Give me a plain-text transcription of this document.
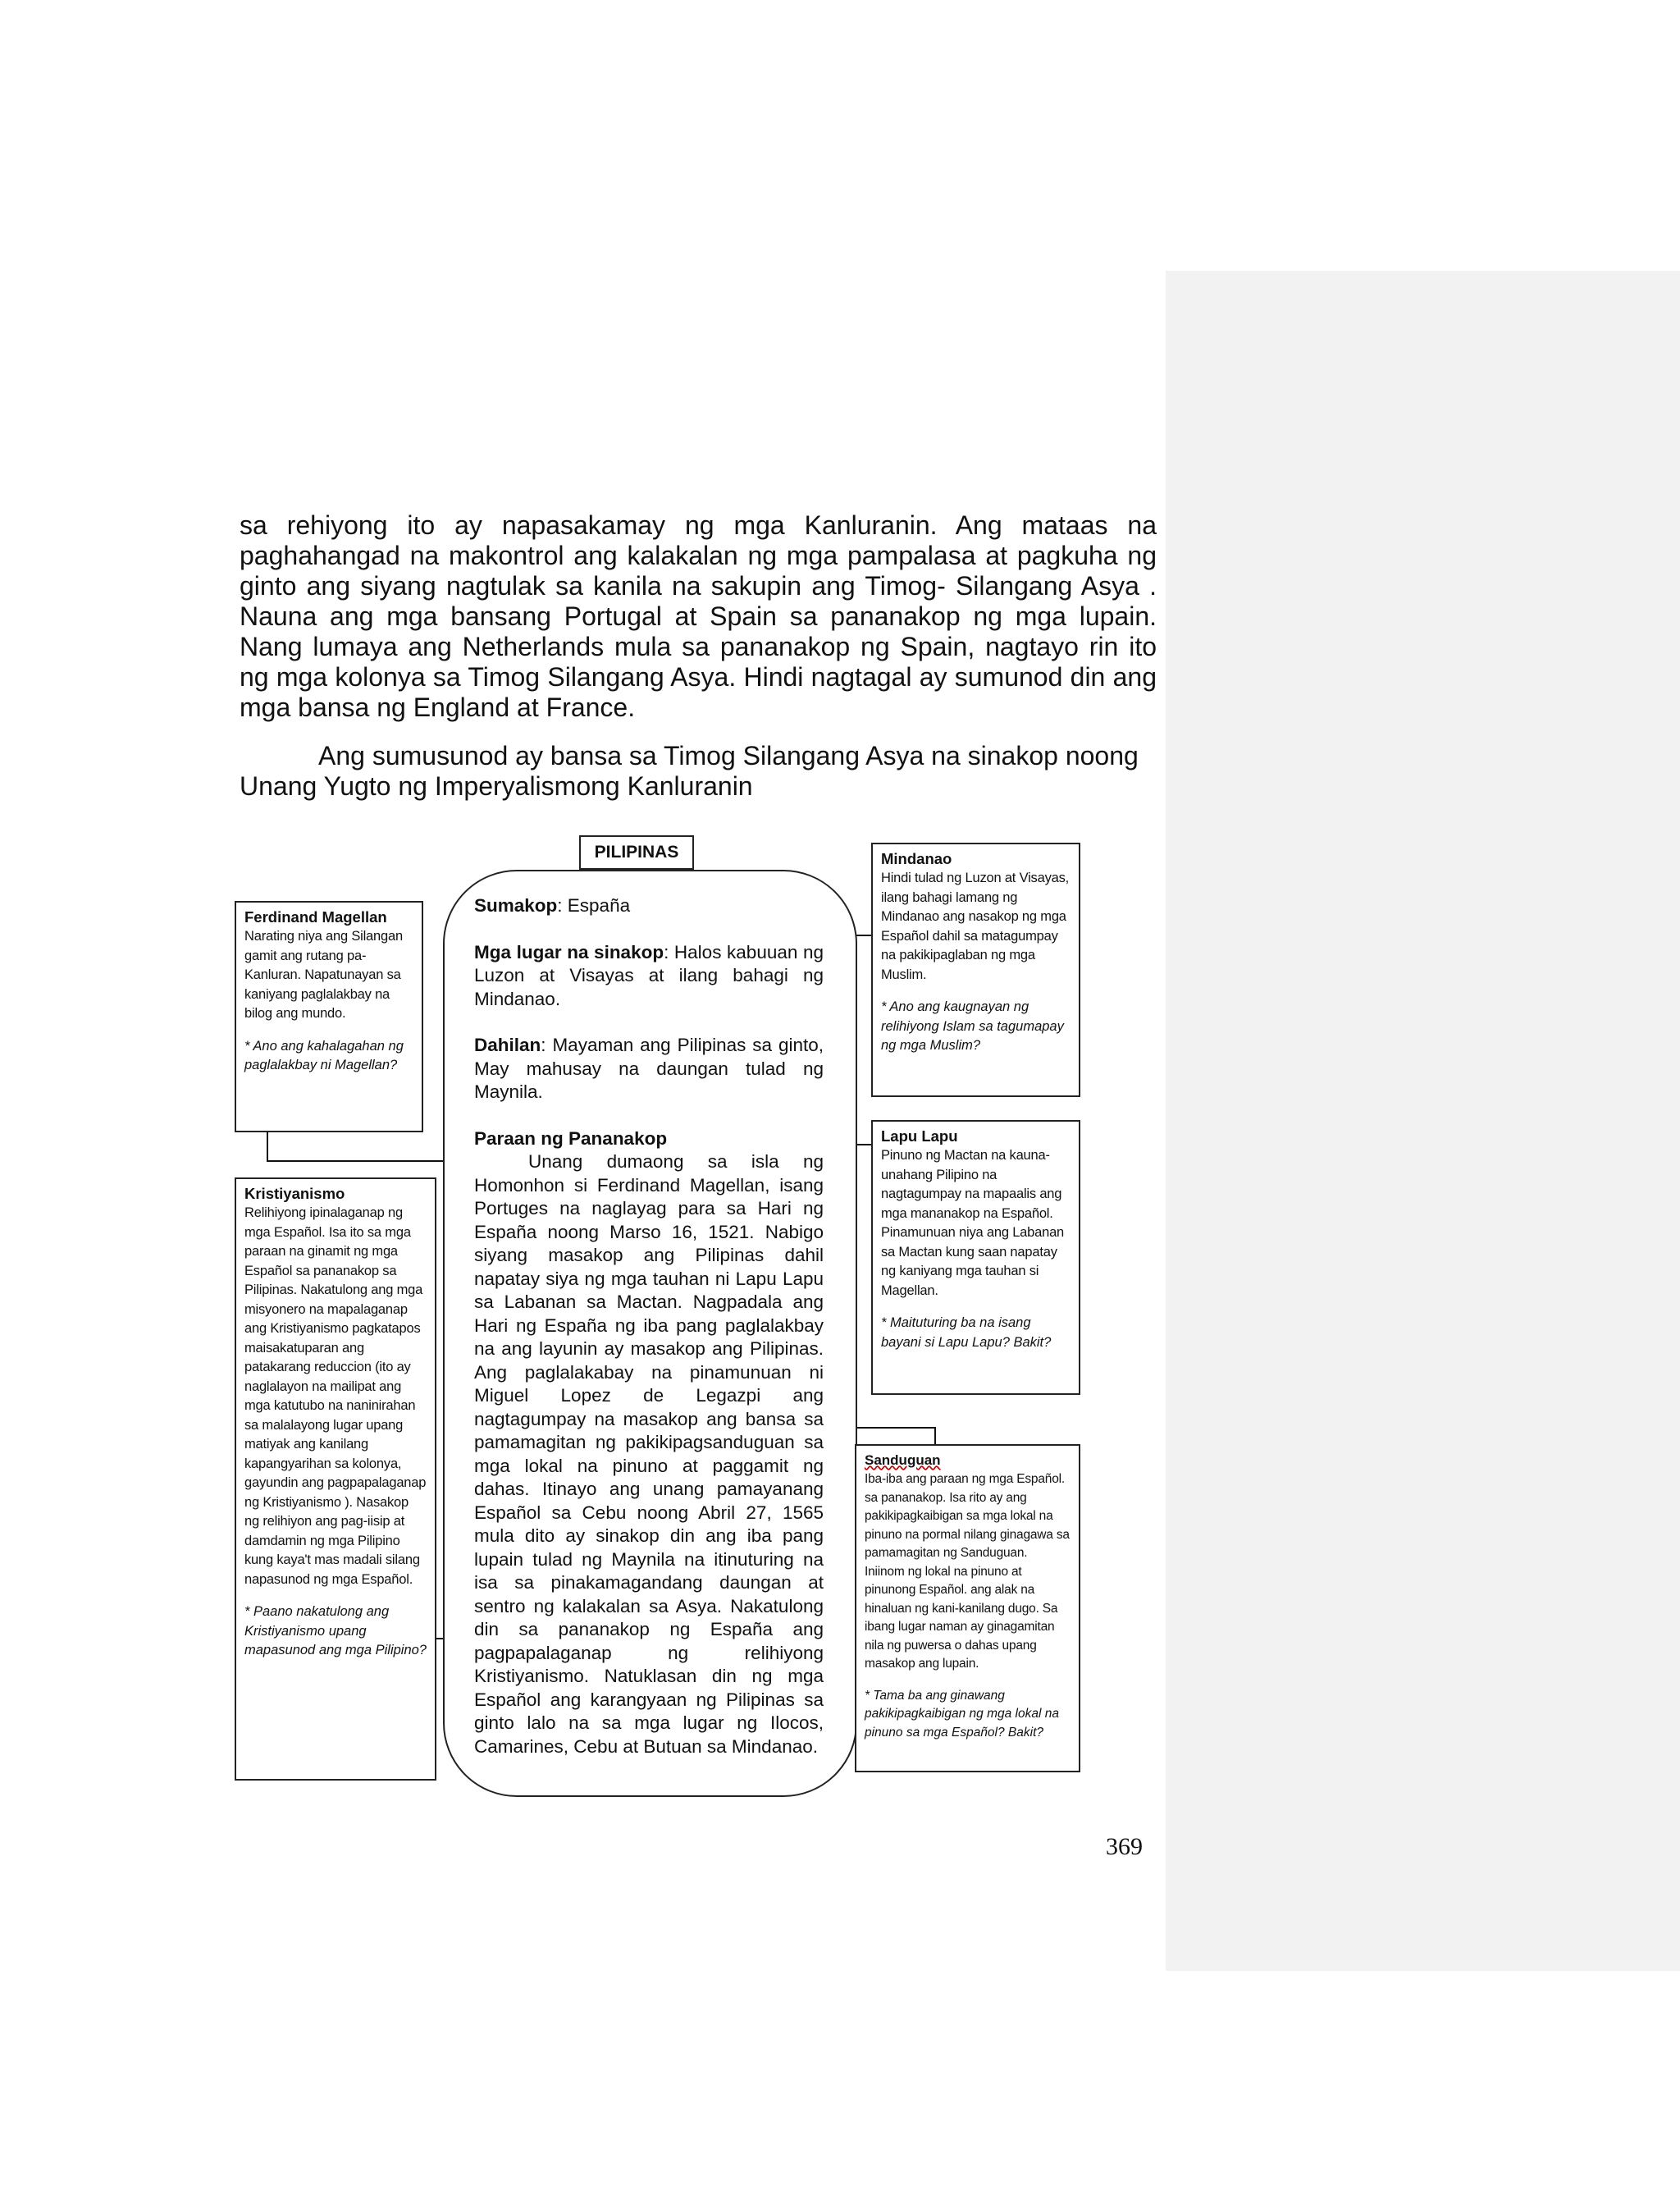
sa rehiyong ito ay napasakamay ng mga Kanluranin. Ang mataas na paghahangad na makontrol ang kalakalan ng mga pampalasa at pagkuha ng ginto ang siyang nagtulak sa kanila na sakupin ang Timog- Silangang Asya . Nauna ang mga bansang Portugal at Spain sa pananakop ng mga lupain. Nang lumaya ang Netherlands mula sa pananakop ng Spain, nagtayo rin ito ng mga kolonya sa Timog Silangang Asya. Hindi nagtagal ay sumunod din ang mga bansa ng England at France.

Ang sumusunod ay bansa sa Timog Silangang Asya na sinakop noong Unang Yugto ng Imperyalismong Kanluranin

PILIPINAS
Sumakop: España
Mga lugar na sinakop: Halos kabuuan ng Luzon at Visayas at ilang bahagi ng Mindanao.
Dahilan: Mayaman ang Pilipinas sa ginto, May mahusay na daungan tulad ng Maynila.
Paraan ng Pananakop
Unang dumaong sa isla ng Homonhon si Ferdinand Magellan, isang Portuges na naglayag para sa Hari ng España noong Marso 16, 1521. Nabigo siyang masakop ang Pilipinas dahil napatay siya ng mga tauhan ni Lapu Lapu sa Labanan sa Mactan. Nagpadala ang Hari ng España ng iba pang paglalakbay na ang layunin ay masakop ang Pilipinas. Ang paglalakabay na pinamunuan ni Miguel Lopez de Legazpi ang nagtagumpay na masakop ang bansa sa pamamagitan ng pakikipagsanduguan sa mga lokal na pinuno at paggamit ng dahas. Itinayo ang unang pamayanang Español sa Cebu noong Abril 27, 1565 mula dito ay sinakop din ang iba pang lupain tulad ng Maynila na itinuturing na isa sa pinakamagandang daungan at sentro ng kalakalan sa Asya. Nakatulong din sa pananakop ng España ang pagpapalaganap ng relihiyong Kristiyanismo. Natuklasan din ng mga Español ang karangyaan ng Pilipinas sa ginto lalo na sa mga lugar ng Ilocos, Camarines, Cebu at Butuan sa Mindanao.
Ferdinand Magellan
Narating niya ang Silangan gamit ang rutang pa-Kanluran. Napatunayan sa kaniyang paglalakbay na bilog ang mundo.
* Ano ang kahalagahan ng paglalakbay ni Magellan?
Kristiyanismo
Relihiyong ipinalaganap ng mga Español. Isa ito sa mga paraan na ginamit ng mga Español sa pananakop sa Pilipinas. Nakatulong ang mga misyonero na mapalaganap ang Kristiyanismo pagkatapos maisakatuparan ang patakarang reduccion (ito ay naglalayon na mailipat ang mga katutubo na naninirahan sa malalayong lugar upang matiyak ang kanilang kapangyarihan sa kolonya, gayundin ang pagpapalaganap ng Kristiyanismo ). Nasakop ng relihiyon ang pag-iisip at damdamin ng mga Pilipino kung kaya't mas madali silang napasunod ng mga Español.
* Paano nakatulong ang Kristiyanismo upang mapasunod ang mga Pilipino?
Mindanao
Hindi tulad ng Luzon at Visayas, ilang bahagi lamang ng Mindanao ang nasakop ng mga Español dahil sa matagumpay na pakikipaglaban ng mga Muslim.
* Ano ang kaugnayan ng relihiyong Islam sa tagumapay ng mga Muslim?
Lapu Lapu
Pinuno ng Mactan na kauna-unahang Pilipino na nagtagumpay na mapaalis ang mga mananakop na Español. Pinamunuan niya ang Labanan sa Mactan kung saan napatay ng kaniyang mga tauhan si Magellan.
* Maituturing ba na isang bayani si Lapu Lapu? Bakit?
Sanduguan
Iba-iba ang paraan ng mga Español. sa pananakop. Isa rito ay ang pakikipagkaibigan sa mga lokal na pinuno na pormal nilang ginagawa sa pamamagitan ng Sanduguan. Iniinom ng lokal na pinuno at pinunong Español. ang alak na hinaluan ng kani-kanilang dugo. Sa ibang lugar naman ay ginagamitan nila ng puwersa o dahas upang masakop ang lupain.
* Tama ba ang ginawang pakikipagkaibigan ng mga lokal na pinuno sa mga Español? Bakit?
369
